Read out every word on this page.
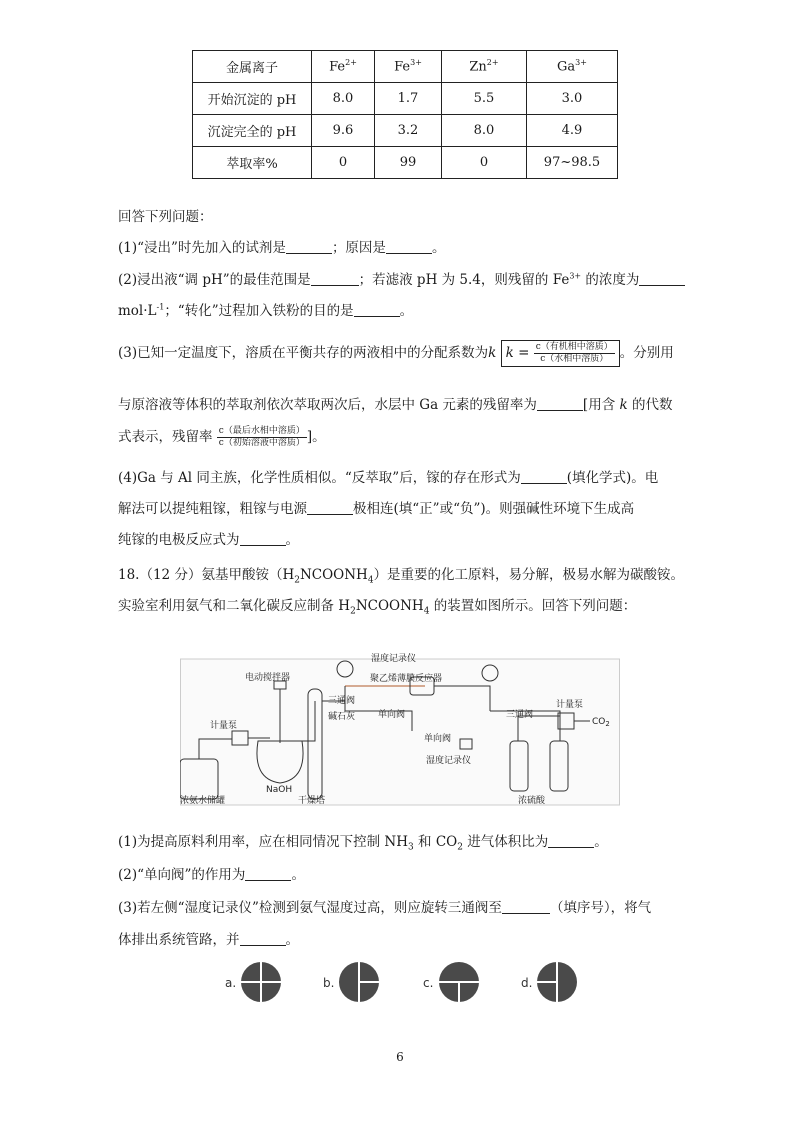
金属离子	$Fe^{2+}$	$Fe^{3+}$	$Zn^{2+}$	$Ga^{3+}$
开始沉淀的 pH	8.0	1.7	5.5	3.0
沉淀完全的 pH	9.6	3.2	8.0	4.9
萃取率%	0	99	0	97~98.5
回答下列问题：
(1)“浸出”时先加入的试剂是	；原因是	。
(2)浸出液“调 pH”的最佳范围是	；若滤液 pH 为 5.4，则残留的 $Fe^{3+}$ 的浓度为
$mol\cdot L^{-1}$；“转化”过程加入铁粉的目的是	。
(3)已知一定温度下，溶质在平衡共存的两液相中的分配系数为k $k = \frac{\text{c（有机相中溶质）}}{\text{c（水相中溶质）}}$ 。分别用
与原溶液等体积的萃取剂依次萃取两次后，水层中 Ga 元素的残留率为	[用含 k 的代数
式表示，残留率 $\frac{\text{c（最后水相中溶质）}}{\text{c（初始溶液中溶质）}}$ ]。
(4)Ga 与 Al 同主族，化学性质相似。“反萃取”后，镓的存在形式为	(填化学式)。电
解法可以提纯粗镓，粗镓与电源	极相连(填“正”或“负”)。则强碱性环境下生成高
纯镓的电极反应式为	。
18.（12 分）氨基甲酸铵$(H_2NCOONH_4)$是重要的化工原料，易分解，极易水解为碳酸铵。
实验室利用氨气和二氧化碳反应制备 $H_2NCOONH_4$ 的装置如图所示。回答下列问题：
湿度记录仪
电动搅拌器	聚乙烯薄膜反应器
三通阀
单向阀	三通阀
碱石灰
计量泵
计量泵
$CO_2$
单向阀
湿度记录仪
NaOH
浓氨水储罐	干燥塔	浓硫酸
(1)为提高原料利用率，应在相同情况下控制 $NH_3$ 和 $CO_2$ 进气体积比为	。
(2)“单向阀”的作用为	。
(3)若左侧“湿度记录仪”检测到氨气湿度过高，则应旋转三通阀至	（填序号），将气
体排出系统管路，并	。
a.	b.	c.	d.
6
